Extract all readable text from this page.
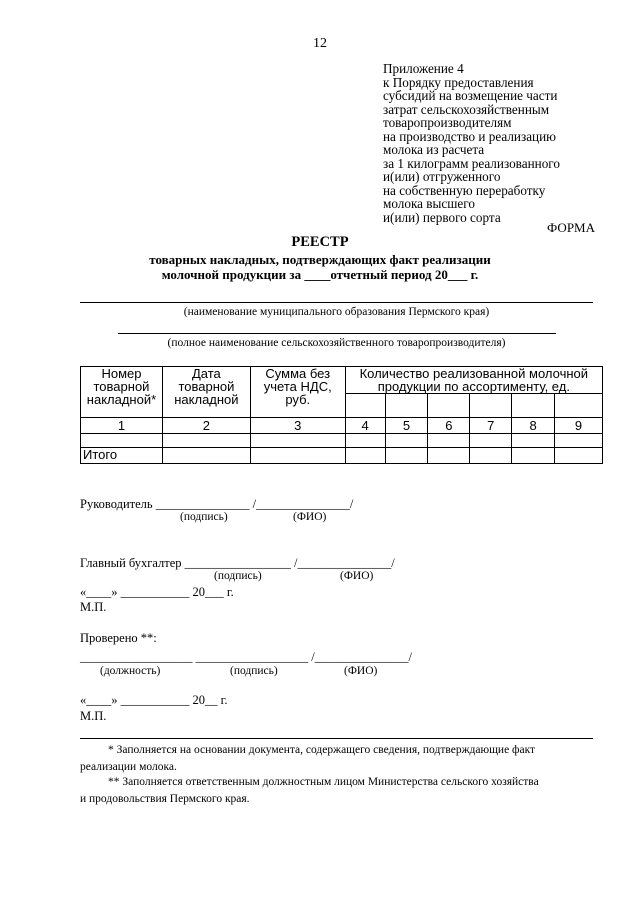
12
Приложение 4
к Порядку предоставления
субсидий на возмещение части
затрат сельскохозяйственным
товаропроизводителям
на производство и реализацию
молока из расчета
за 1 килограмм реализованного
и(или) отгруженного
на собственную переработку
молока высшего
и(или) первого сорта
ФОРМА
РЕЕСТР
товарных накладных, подтверждающих факт реализации
молочной продукции за ____отчетный период 20___ г.
(наименование муниципального образования Пермского края)
(полное наименование сельскохозяйственного товаропроизводителя)
Номер товарной накладной*	Дата товарной накладной	Сумма без учета НДС, руб.	Количество реализованной молочной продукции по ассортименту, ед.					

1	2	3	4	5	6	7	8	9

Итого								
Руководитель _______________ /_______________/
(подпись)	(ФИО)
Главный бухгалтер _________________ /_______________/
(подпись)	(ФИО)
«____» ___________ 20___ г.
М.П.
Проверено **:
__________________ __________________ /_______________/
(должность)	(подпись)	(ФИО)
«____» ___________ 20__ г.
М.П.
* Заполняется на основании документа, содержащего сведения, подтверждающие факт
реализации молока.
** Заполняется ответственным должностным лицом Министерства сельского хозяйства
и продовольствия Пермского края.
